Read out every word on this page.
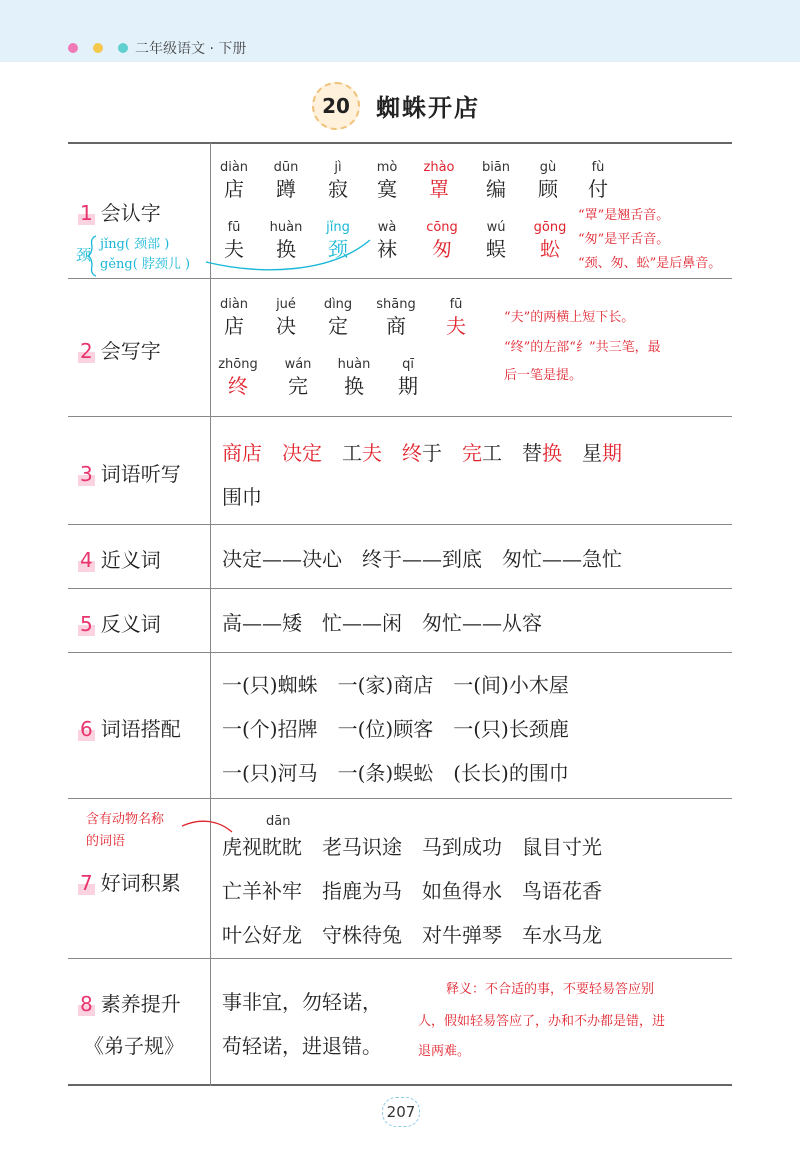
二年级语文 · 下册
20	蜘蛛开店
1 会认字
2 会写字
3 词语听写
4 近义词
5 反义词
6 词语搭配
7 好词积累
8 素养提升
《弟子规》
diàn
店
dūn
蹲
jì
寂
mò
寞
zhào
罩
biān
编
gù
顾
fù
付
fū
夫
huàn
换
jǐng
颈
wà
袜
cōng
匆
wú
蜈
gōng
蚣
颈
jǐng( 颈部 )
gěng( 脖颈儿 )
“罩”是翘舌音。
“匆”是平舌音。
“颈、匆、蚣”是后鼻音。
diàn
店
jué
决
dìng
定
shāng
商
fū
夫
zhōng
终
wán
完
huàn
换
qī
期
“夫”的两横上短下长。
“终”的左部“纟”共三笔，最
后一笔是提。
商店　 决定　 工夫　 终于　 完工　 替换　 星期
围巾
决定——决心　终于——到底　匆忙——急忙
高——矮　忙——闲　匆忙——从容
一(只)蜘蛛　一(家)商店　一(间)小木屋
一(个)招牌　一(位)顾客　一(只)长颈鹿
一(只)河马　一(条)蜈蚣　(长长)的围巾
含有动物名称
的词语
dān
虎视眈眈　老马识途　马到成功　鼠目寸光
亡羊补牢　指鹿为马　如鱼得水　鸟语花香
叶公好龙　守株待兔　对牛弹琴　车水马龙
事非宜，勿轻诺，
苟轻诺，进退错。
释义：不合适的事，不要轻易答应别
人，假如轻易答应了，办和不办都是错，进
退两难。
207
